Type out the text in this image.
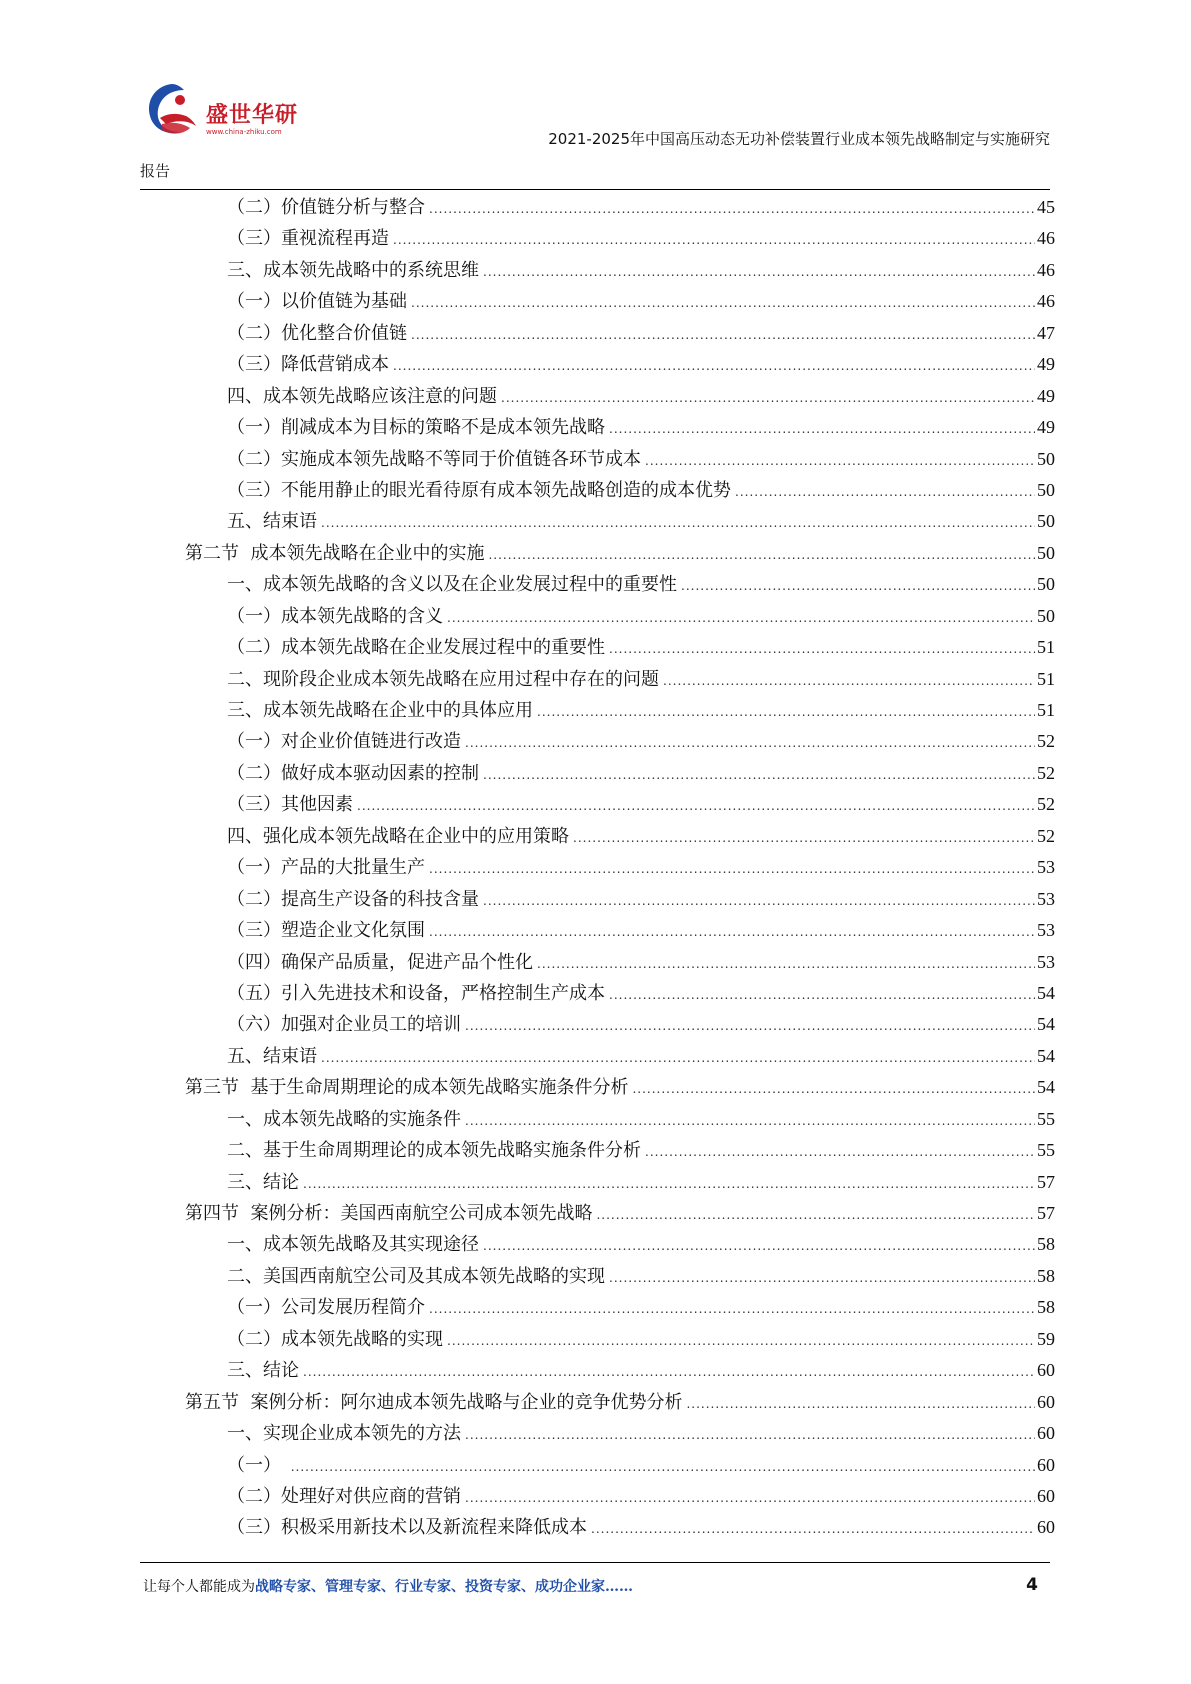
盛世华研
www.china-zhiku.com	2021-2025年中国高压动态无功补偿装置行业成本领先战略制定与实施研究
报告
（二）价值链分析与整合 .....	45
（三）重视流程再造 .....	46
三、成本领先战略中的系统思维 .....	46
（一）以价值链为基础 .....	46
（二）优化整合价值链 .....	47
（三）降低营销成本 .....	49
四、成本领先战略应该注意的问题 .....	49
（一）削减成本为目标的策略不是成本领先战略 .....	49
（二）实施成本领先战略不等同于价值链各环节成本 .....	50
（三）不能用静止的眼光看待原有成本领先战略创造的成本优势 .....	50
五、结束语 .....	50
第二节  成本领先战略在企业中的实施 .....	50
一、成本领先战略的含义以及在企业发展过程中的重要性 .....	50
（一）成本领先战略的含义 .....	50
（二）成本领先战略在企业发展过程中的重要性 .....	51
二、现阶段企业成本领先战略在应用过程中存在的问题 .....	51
三、成本领先战略在企业中的具体应用 .....	51
（一）对企业价值链进行改造 .....	52
（二）做好成本驱动因素的控制 .....	52
（三）其他因素 .....	52
四、强化成本领先战略在企业中的应用策略 .....	52
（一）产品的大批量生产 .....	53
（二）提高生产设备的科技含量 .....	53
（三）塑造企业文化氛围 .....	53
（四）确保产品质量，促进产品个性化 .....	53
（五）引入先进技术和设备，严格控制生产成本 .....	54
（六）加强对企业员工的培训 .....	54
五、结束语 .....	54
第三节  基于生命周期理论的成本领先战略实施条件分析 .....	54
一、成本领先战略的实施条件 .....	55
二、基于生命周期理论的成本领先战略实施条件分析 .....	55
三、结论 .....	57
第四节  案例分析：美国西南航空公司成本领先战略 .....	57
一、成本领先战略及其实现途径 .....	58
二、美国西南航空公司及其成本领先战略的实现 .....	58
（一）公司发展历程简介 .....	58
（二）成本领先战略的实现 .....	59
三、结论 .....	60
第五节  案例分析：阿尔迪成本领先战略与企业的竞争优势分析 .....	60
一、实现企业成本领先的方法 .....	60
（一） .....	60
（二）处理好对供应商的营销 .....	60
（三）积极采用新技术以及新流程来降低成本 .....	60
让每个人都能成为战略专家、管理专家、行业专家、投资专家、成功企业家……	4
